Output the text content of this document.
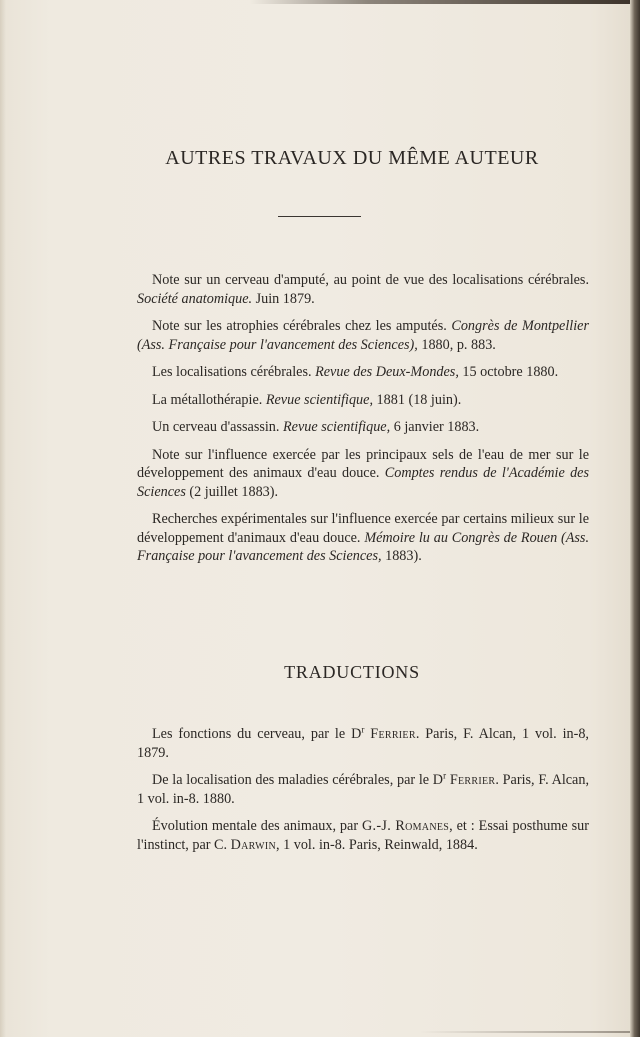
AUTRES TRAVAUX DU MÊME AUTEUR
Note sur un cerveau d'amputé, au point de vue des localisations cérébrales. Société anatomique. Juin 1879.
Note sur les atrophies cérébrales chez les amputés. Congrès de Montpellier (Ass. Française pour l'avancement des Sciences), 1880, p. 883.
Les localisations cérébrales. Revue des Deux-Mondes, 15 octobre 1880.
La métallothérapie. Revue scientifique, 1881 (18 juin).
Un cerveau d'assassin. Revue scientifique, 6 janvier 1883.
Note sur l'influence exercée par les principaux sels de l'eau de mer sur le développement des animaux d'eau douce. Comptes rendus de l'Académie des Sciences (2 juillet 1883).
Recherches expérimentales sur l'influence exercée par certains milieux sur le développement d'animaux d'eau douce. Mémoire lu au Congrès de Rouen (Ass. Française pour l'avancement des Sciences, 1883).
TRADUCTIONS
Les fonctions du cerveau, par le $D^r$ Ferrier. Paris, F. Alcan, 1 vol. in-8, 1879.
De la localisation des maladies cérébrales, par le $D^r$ Ferrier. Paris, F. Alcan, 1 vol. in-8. 1880.
Évolution mentale des animaux, par G.-J. Romanes, et : Essai posthume sur l'instinct, par C. Darwin, 1 vol. in-8. Paris, Reinwald, 1884.
